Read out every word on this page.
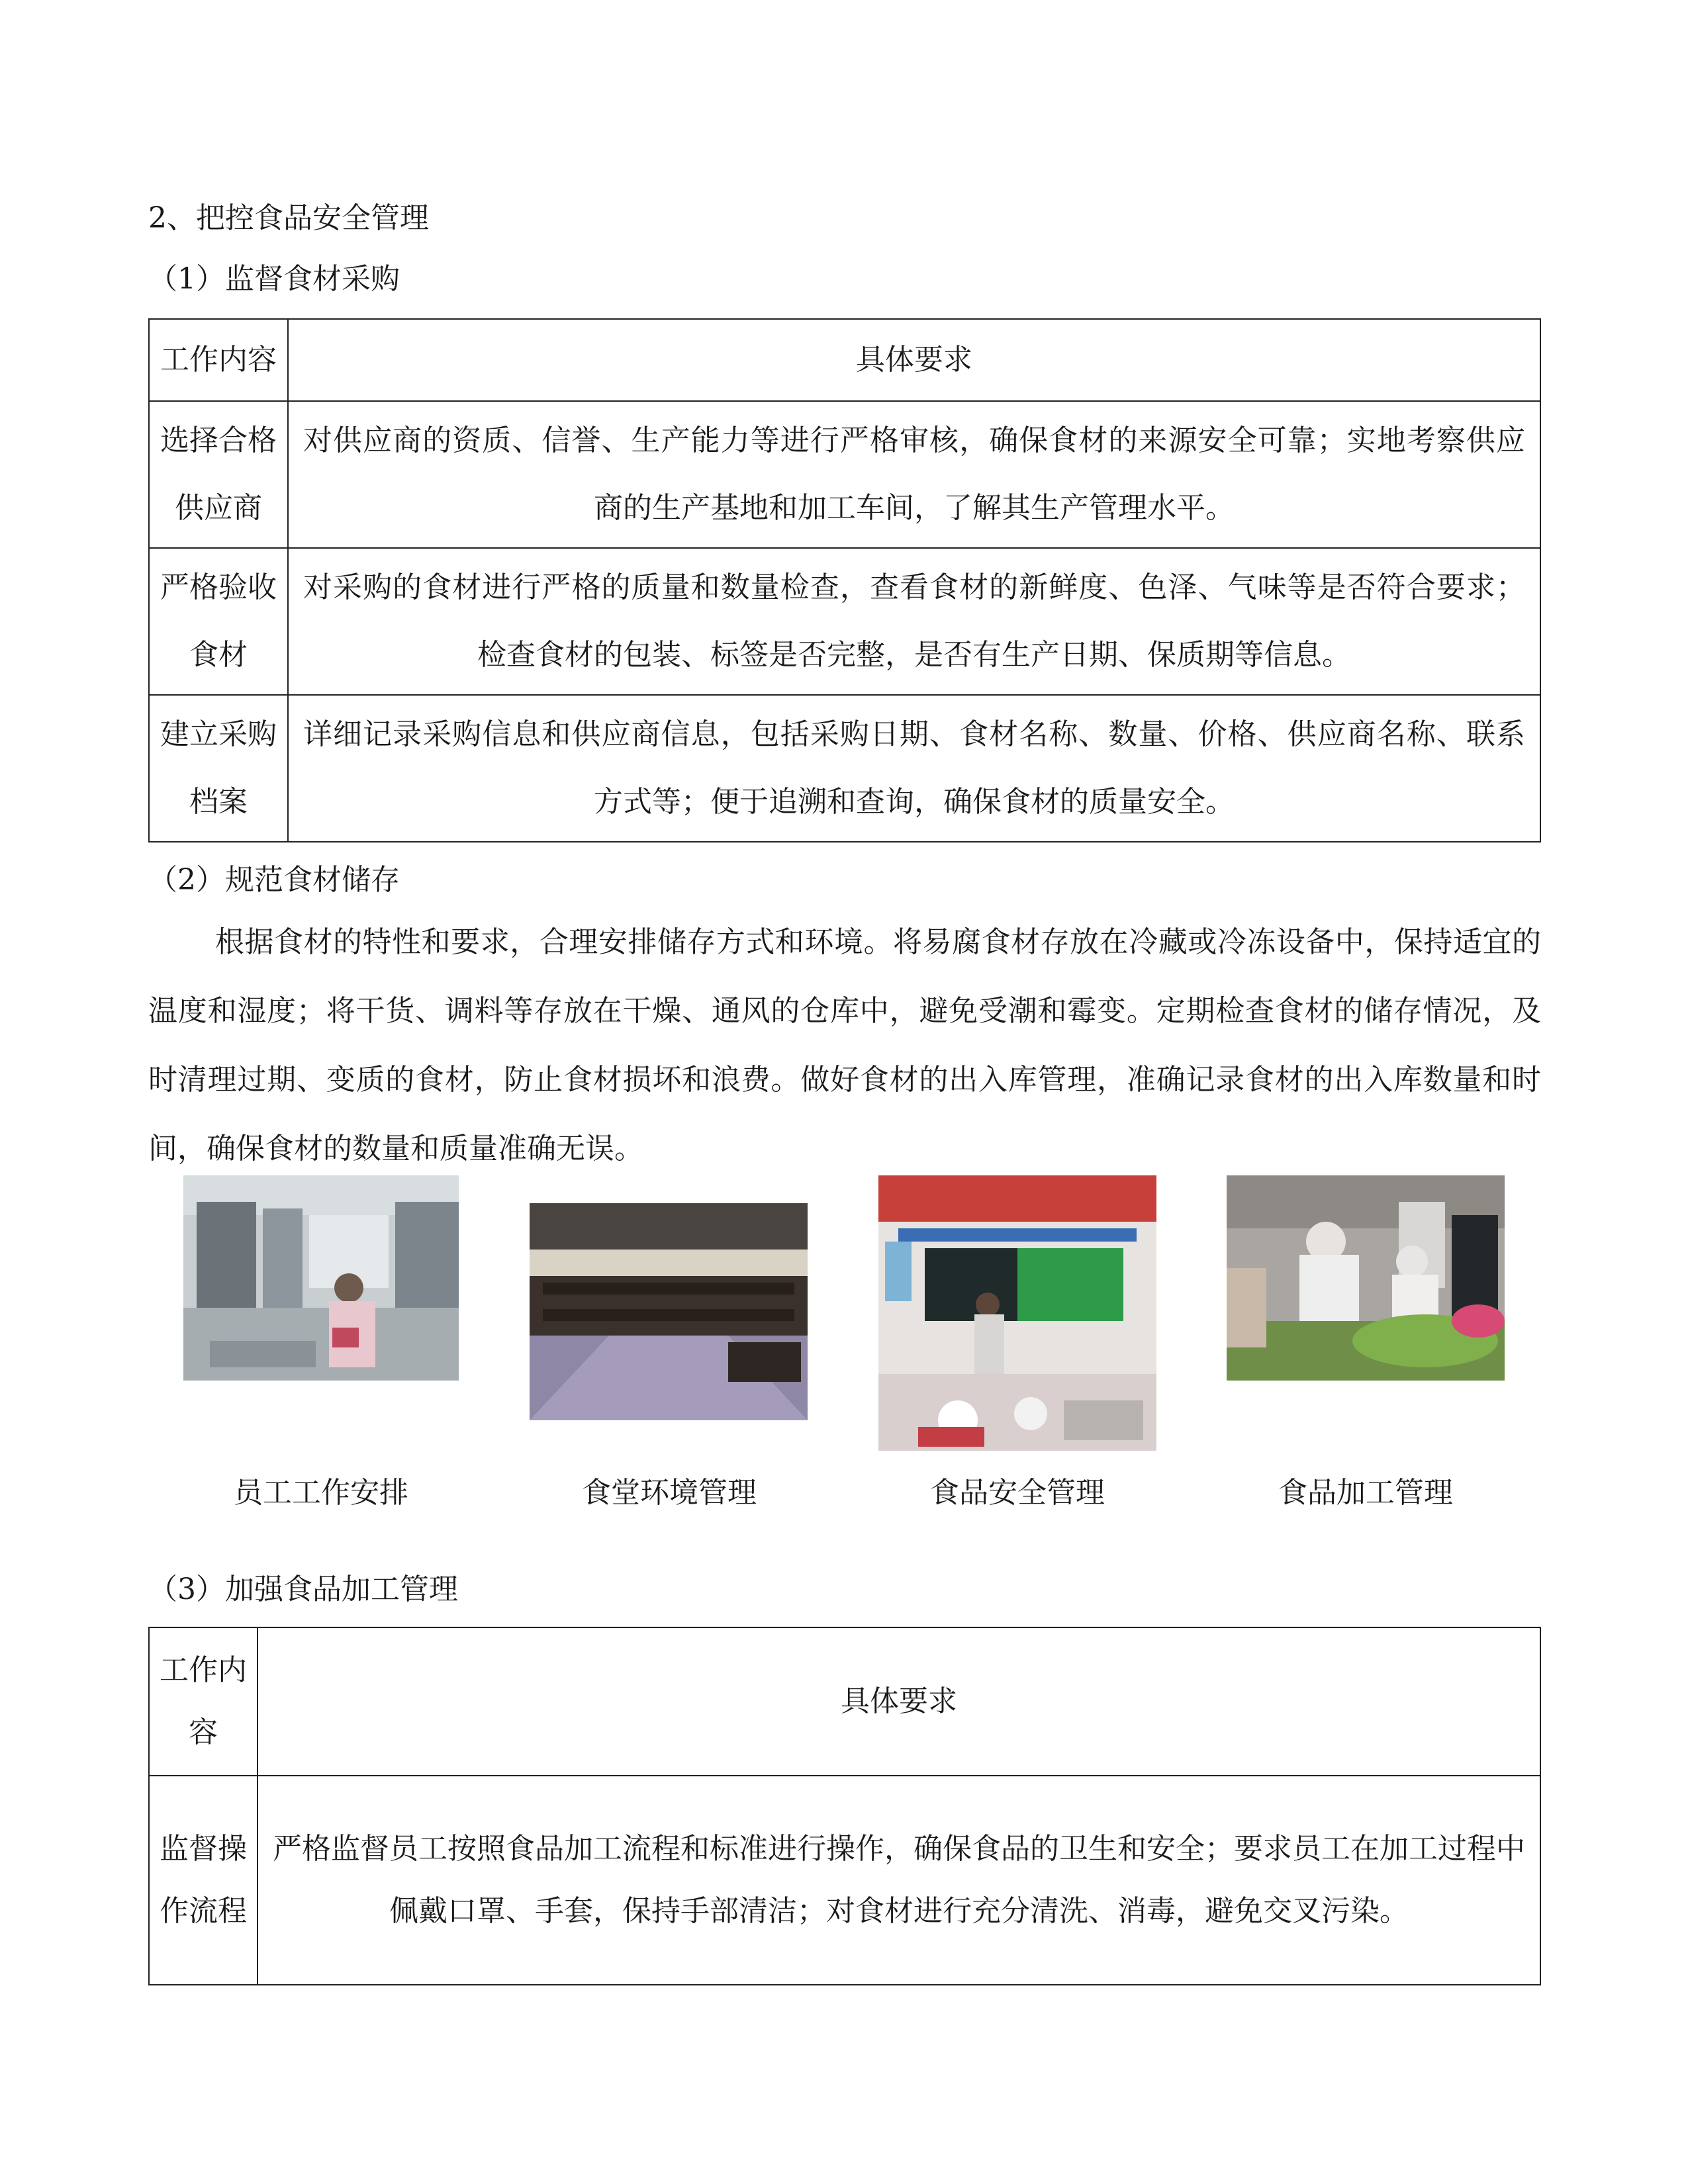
2、把控食品安全管理
（1）监督食材采购
工作内容	具体要求
选择合格供应商	对供应商的资质、信誉、生产能力等进行严格审核，确保食材的来源安全可靠；实地考察供应商的生产基地和加工车间，了解其生产管理水平。
严格验收食材	对采购的食材进行严格的质量和数量检查，查看食材的新鲜度、色泽、气味等是否符合要求；检查食材的包装、标签是否完整，是否有生产日期、保质期等信息。
建立采购档案	详细记录采购信息和供应商信息，包括采购日期、食材名称、数量、价格、供应商名称、联系方式等；便于追溯和查询，确保食材的质量安全。
（2）规范食材储存

根据食材的特性和要求，合理安排储存方式和环境。将易腐食材存放在冷藏或冷冻设备中，保持适宜的温度和湿度；将干货、调料等存放在干燥、通风的仓库中，避免受潮和霉变。定期检查食材的储存情况，及时清理过期、变质的食材，防止食材损坏和浪费。做好食材的出入库管理，准确记录食材的出入库数量和时间，确保食材的数量和质量准确无误。

员工工作安排	食堂环境管理	食品安全管理	食品加工管理
（3）加强食品加工管理
工作内容	具体要求
监督操作流程	严格监督员工按照食品加工流程和标准进行操作，确保食品的卫生和安全；要求员工在加工过程中佩戴口罩、手套，保持手部清洁；对食材进行充分清洗、消毒，避免交叉污染。
